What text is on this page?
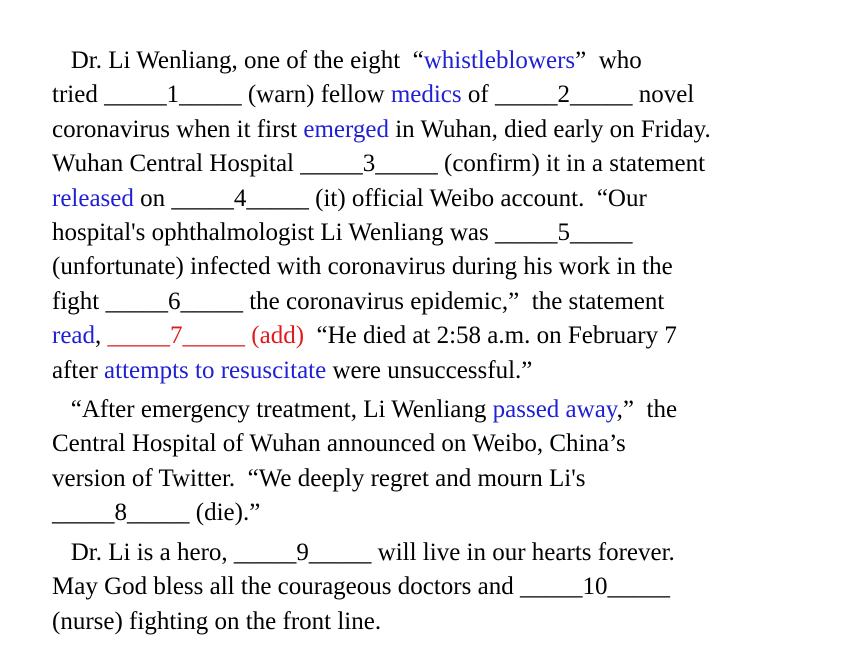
Dr. Li Wenliang, one of the eight  “whistleblowers”  who
tried _____1_____ (warn) fellow medics of _____2_____ novel
coronavirus when it first emerged in Wuhan, died early on Friday.
Wuhan Central Hospital _____3_____ (confirm) it in a statement
released on _____4_____ (it) official Weibo account.  “Our
hospital's ophthalmologist Li Wenliang was _____5_____
(unfortunate) infected with coronavirus during his work in the
fight _____6_____ the coronavirus epidemic,”  the statement
read, _____7_____ (add)  “He died at 2:58 a.m. on February 7
after attempts to resuscitate were unsuccessful.”
“After emergency treatment, Li Wenliang passed away,”  the
Central Hospital of Wuhan announced on Weibo, China’s
version of Twitter.  “We deeply regret and mourn Li's
_____8_____ (die).”
Dr. Li is a hero, _____9_____ will live in our hearts forever.
May God bless all the courageous doctors and _____10_____
(nurse) fighting on the front line.
